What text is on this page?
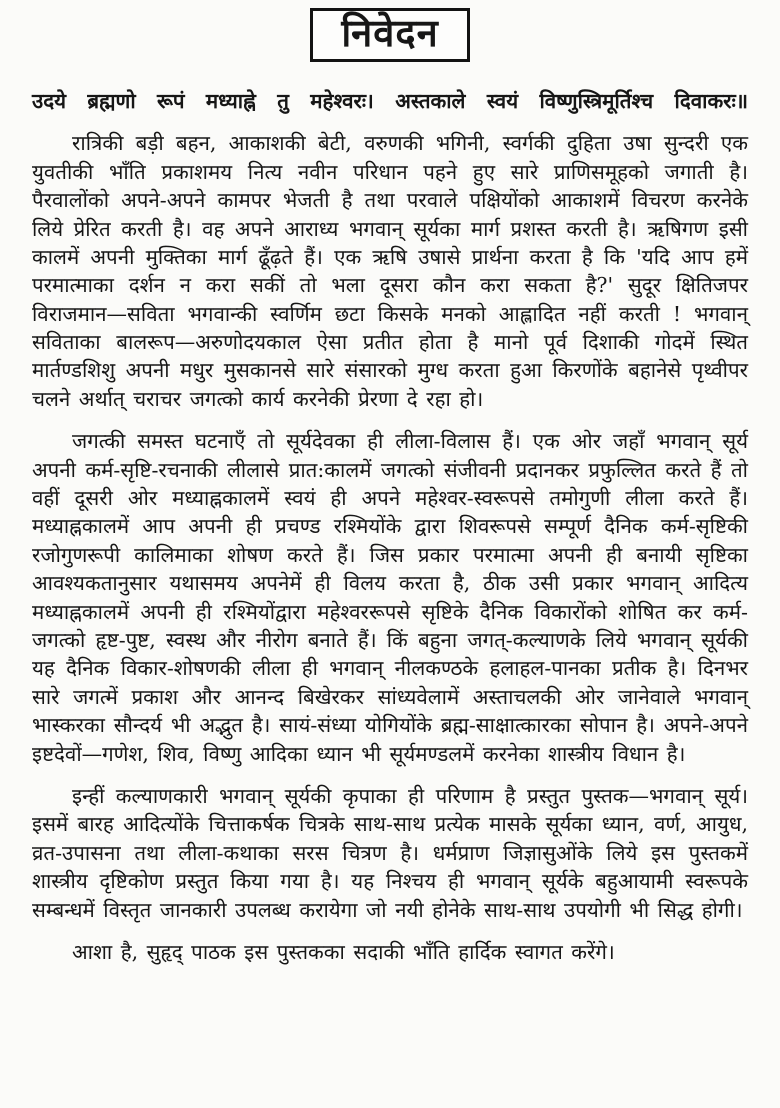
निवेदन
उदये ब्रह्मणो रूपं मध्याह्ने तु महेश्वरः। अस्तकाले स्वयं विष्णुस्त्रिमूर्तिश्च दिवाकरः॥

रात्रिकी बड़ी बहन, आकाशकी बेटी, वरुणकी भगिनी, स्वर्गकी दुहिता उषा सुन्दरी एक युवतीकी भाँति प्रकाशमय नित्य नवीन परिधान पहने हुए सारे प्राणिसमूहको जगाती है। पैरवालोंको अपने-अपने कामपर भेजती है तथा परवाले पक्षियोंको आकाशमें विचरण करनेके लिये प्रेरित करती है। वह अपने आराध्य भगवान् सूर्यका मार्ग प्रशस्त करती है। ऋषिगण इसी कालमें अपनी मुक्तिका मार्ग ढूँढ़ते हैं। एक ऋषि उषासे प्रार्थना करता है कि 'यदि आप हमें परमात्माका दर्शन न करा सकीं तो भला दूसरा कौन करा सकता है?' सुदूर क्षितिजपर विराजमान—सविता भगवान्की स्वर्णिम छटा किसके मनको आह्लादित नहीं करती ! भगवान् सविताका बालरूप—अरुणोदयकाल ऐसा प्रतीत होता है मानो पूर्व दिशाकी गोदमें स्थित मार्तण्डशिशु अपनी मधुर मुसकानसे सारे संसारको मुग्ध करता हुआ किरणोंके बहानेसे पृथ्वीपर चलने अर्थात् चराचर जगत्को कार्य करनेकी प्रेरणा दे रहा हो।

जगत्की समस्त घटनाएँ तो सूर्यदेवका ही लीला-विलास हैं। एक ओर जहाँ भगवान् सूर्य अपनी कर्म-सृष्टि-रचनाकी लीलासे प्रात:कालमें जगत्को संजीवनी प्रदानकर प्रफुल्लित करते हैं तो वहीं दूसरी ओर मध्याह्नकालमें स्वयं ही अपने महेश्वर-स्वरूपसे तमोगुणी लीला करते हैं। मध्याह्नकालमें आप अपनी ही प्रचण्ड रश्मियोंके द्वारा शिवरूपसे सम्पूर्ण दैनिक कर्म-सृष्टिकी रजोगुणरूपी कालिमाका शोषण करते हैं। जिस प्रकार परमात्मा अपनी ही बनायी सृष्टिका आवश्यकतानुसार यथासमय अपनेमें ही विलय करता है, ठीक उसी प्रकार भगवान् आदित्य मध्याह्नकालमें अपनी ही रश्मियोंद्वारा महेश्वररूपसे सृष्टिके दैनिक विकारोंको शोषित कर कर्म-जगत्को हृष्ट-पुष्ट, स्वस्थ और नीरोग बनाते हैं। किं बहुना जगत्-कल्याणके लिये भगवान् सूर्यकी यह दैनिक विकार-शोषणकी लीला ही भगवान् नीलकण्ठके हलाहल-पानका प्रतीक है। दिनभर सारे जगत्में प्रकाश और आनन्द बिखेरकर सांध्यवेलामें अस्ताचलकी ओर जानेवाले भगवान् भास्करका सौन्दर्य भी अद्भुत है। सायं-संध्या योगियोंके ब्रह्म-साक्षात्कारका सोपान है। अपने-अपने इष्टदेवों—गणेश, शिव, विष्णु आदिका ध्यान भी सूर्यमण्डलमें करनेका शास्त्रीय विधान है।

इन्हीं कल्याणकारी भगवान् सूर्यकी कृपाका ही परिणाम है प्रस्तुत पुस्तक—भगवान् सूर्य। इसमें बारह आदित्योंके चित्ताकर्षक चित्रके साथ-साथ प्रत्येक मासके सूर्यका ध्यान, वर्ण, आयुध, व्रत-उपासना तथा लीला-कथाका सरस चित्रण है। धर्मप्राण जिज्ञासुओंके लिये इस पुस्तकमें शास्त्रीय दृष्टिकोण प्रस्तुत किया गया है। यह निश्चय ही भगवान् सूर्यके बहुआयामी स्वरूपके सम्बन्धमें विस्तृत जानकारी उपलब्ध करायेगा जो नयी होनेके साथ-साथ उपयोगी भी सिद्ध होगी।

आशा है, सुहृद् पाठक इस पुस्तकका सदाकी भाँति हार्दिक स्वागत करेंगे।
